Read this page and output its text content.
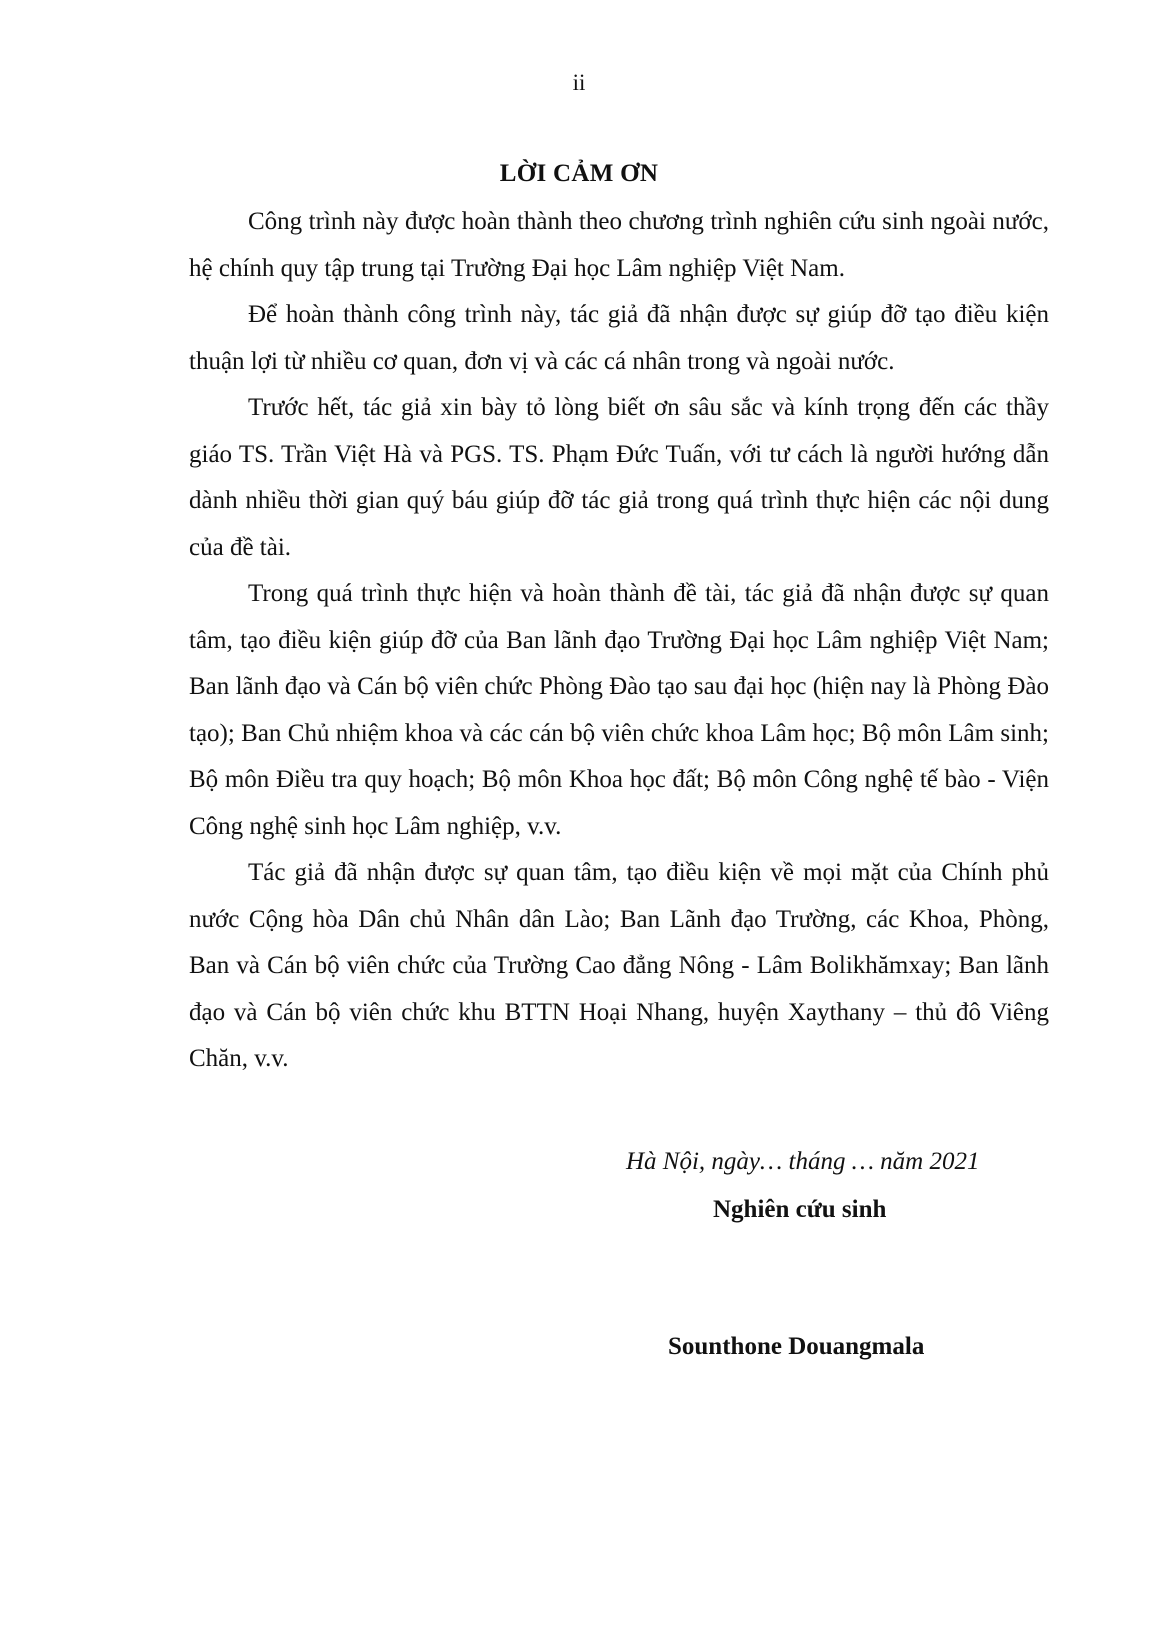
ii
LỜI CẢM ƠN

Công trình này được hoàn thành theo chương trình nghiên cứu sinh ngoài nước, hệ chính quy tập trung tại Trường Đại học Lâm nghiệp Việt Nam.

Để hoàn thành công trình này, tác giả đã nhận được sự giúp đỡ tạo điều kiện thuận lợi từ nhiều cơ quan, đơn vị và các cá nhân trong và ngoài nước.

Trước hết, tác giả xin bày tỏ lòng biết ơn sâu sắc và kính trọng đến các thầy giáo TS. Trần Việt Hà và PGS. TS. Phạm Đức Tuấn, với tư cách là người hướng dẫn dành nhiều thời gian quý báu giúp đỡ tác giả trong quá trình thực hiện các nội dung của đề tài.

Trong quá trình thực hiện và hoàn thành đề tài, tác giả đã nhận được sự quan tâm, tạo điều kiện giúp đỡ của Ban lãnh đạo Trường Đại học Lâm nghiệp Việt Nam; Ban lãnh đạo và Cán bộ viên chức Phòng Đào tạo sau đại học (hiện nay là Phòng Đào tạo); Ban Chủ nhiệm khoa và các cán bộ viên chức khoa Lâm học; Bộ môn Lâm sinh; Bộ môn Điều tra quy hoạch; Bộ môn Khoa học đất; Bộ môn Công nghệ tế bào - Viện Công nghệ sinh học Lâm nghiệp, v.v.

Tác giả đã nhận được sự quan tâm, tạo điều kiện về mọi mặt của Chính phủ nước Cộng hòa Dân chủ Nhân dân Lào; Ban Lãnh đạo Trường, các Khoa, Phòng, Ban và Cán bộ viên chức của Trường Cao đẳng Nông - Lâm Bolikhămxay; Ban lãnh đạo và Cán bộ viên chức khu BTTN Hoại Nhang, huyện Xaythany – thủ đô Viêng Chăn, v.v.

Hà Nội, ngày… tháng … năm 2021
Nghiên cứu sinh
Sounthone Douangmala
